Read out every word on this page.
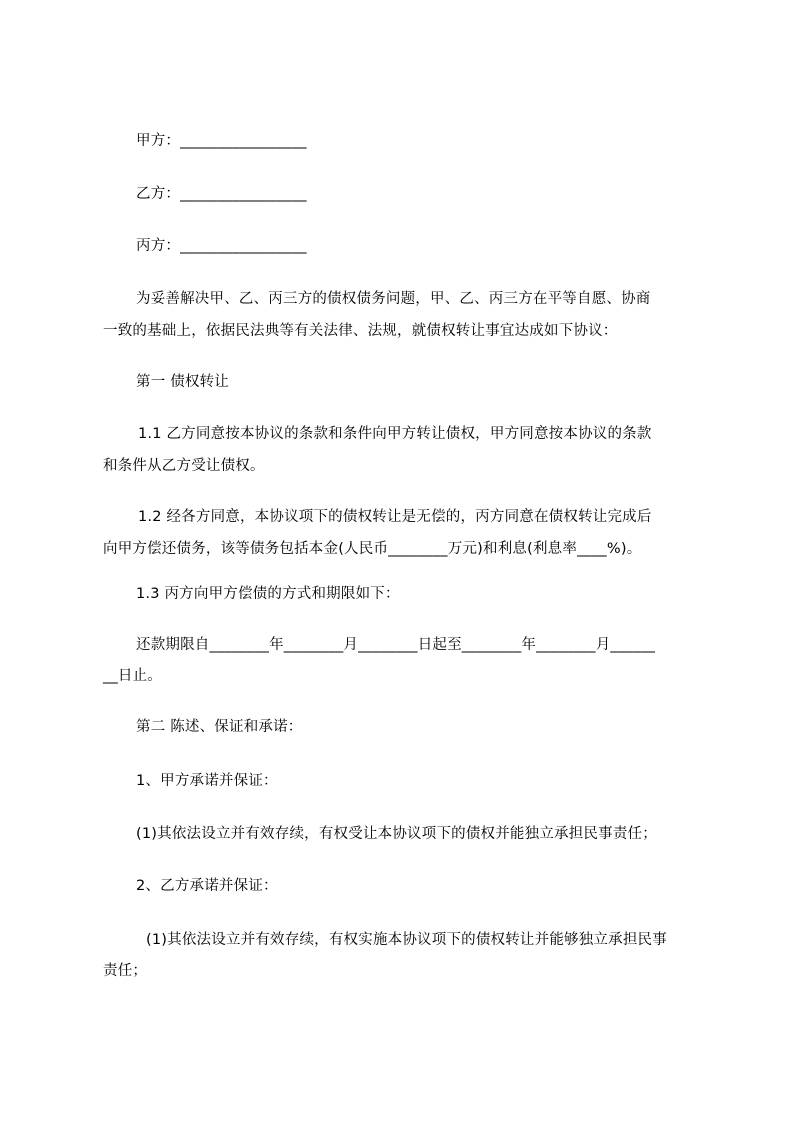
甲方：_________________
乙方：_________________
丙方：_________________
为妥善解决甲、乙、丙三方的债权债务问题，甲、乙、丙三方在平等自愿、协商
一致的基础上，依据民法典等有关法律、法规，就债权转让事宜达成如下协议：
第一 债权转让
1.1 乙方同意按本协议的条款和条件向甲方转让债权，甲方同意按本协议的条款
和条件从乙方受让债权。
1.2 经各方同意，本协议项下的债权转让是无偿的，丙方同意在债权转让完成后
向甲方偿还债务，该等债务包括本金(人民币________万元)和利息(利息率____%)。
1.3 丙方向甲方偿债的方式和期限如下：
还款期限自________年________月________日起至________年________月______
__日止。
第二 陈述、保证和承诺：
1、甲方承诺并保证：
(1)其依法设立并有效存续，有权受让本协议项下的债权并能独立承担民事责任；
2、乙方承诺并保证：
(1)其依法设立并有效存续，有权实施本协议项下的债权转让并能够独立承担民事
责任；
